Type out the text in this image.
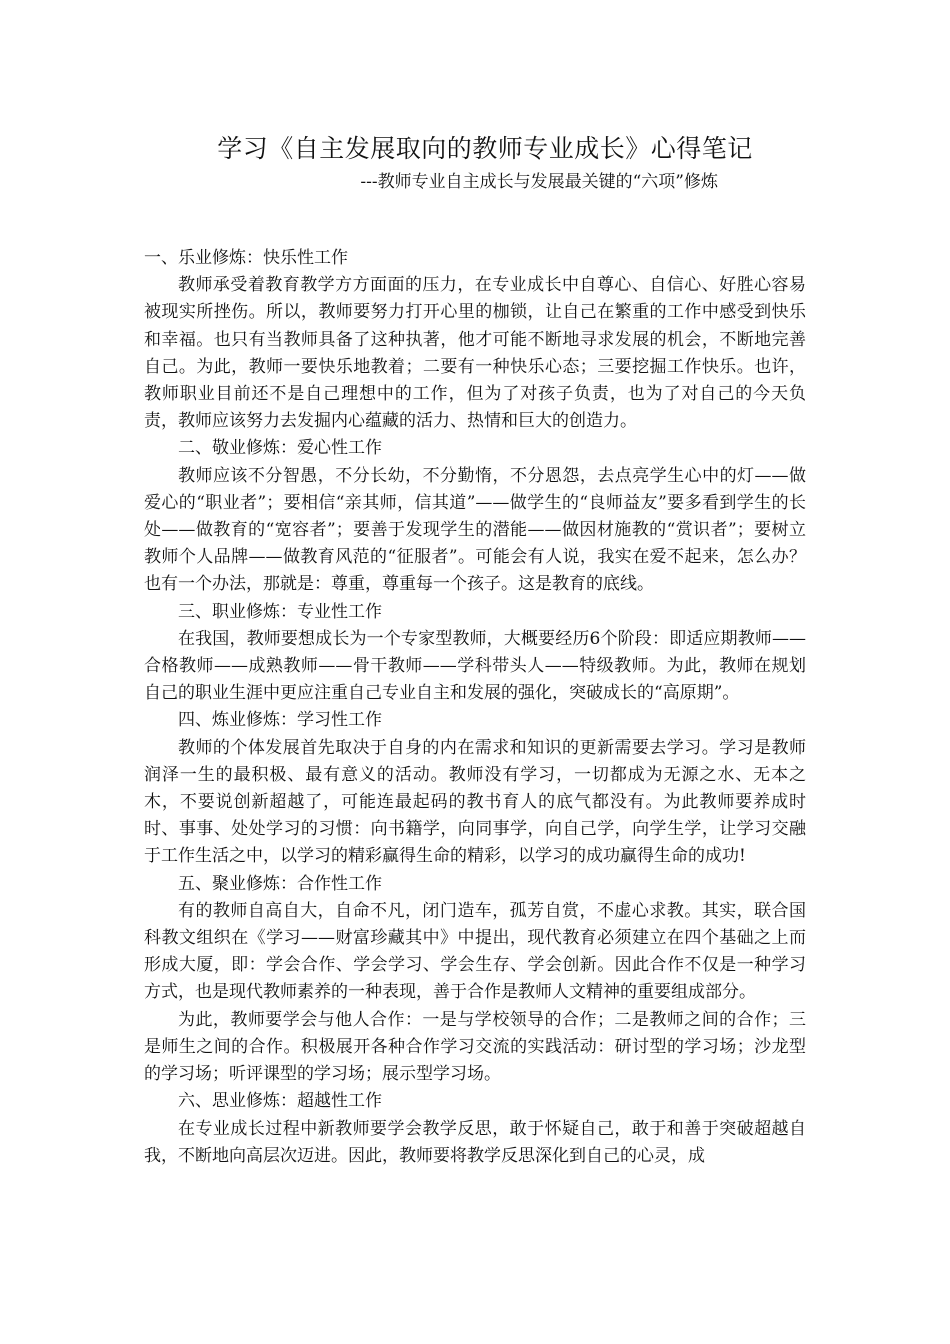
学习《自主发展取向的教师专业成长》心得笔记
---教师专业自主成长与发展最关键的“六项”修炼

一、乐业修炼：快乐性工作

教师承受着教育教学方方面面的压力，在专业成长中自尊心、自信心、好胜心容易被现实所挫伤。所以，教师要努力打开心里的枷锁，让自己在繁重的工作中感受到快乐和幸福。也只有当教师具备了这种执著，他才可能不断地寻求发展的机会，不断地完善自己。为此，教师一要快乐地教着；二要有一种快乐心态；三要挖掘工作快乐。也许，教师职业目前还不是自己理想中的工作，但为了对孩子负责，也为了对自己的今天负责，教师应该努力去发掘内心蕴藏的活力、热情和巨大的创造力。

二、敬业修炼：爱心性工作

教师应该不分智愚，不分长幼，不分勤惰，不分恩怨，去点亮学生心中的灯——做爱心的“职业者”；要相信“亲其师，信其道”——做学生的“良师益友”要多看到学生的长处——做教育的“宽容者”；要善于发现学生的潜能——做因材施教的“赏识者”；要树立教师个人品牌——做教育风范的“征服者”。可能会有人说，我实在爱不起来，怎么办？也有一个办法，那就是：尊重，尊重每一个孩子。这是教育的底线。

三、职业修炼：专业性工作

在我国，教师要想成长为一个专家型教师，大概要经历6个阶段：即适应期教师——合格教师——成熟教师——骨干教师——学科带头人——特级教师。为此，教师在规划自己的职业生涯中更应注重自己专业自主和发展的强化，突破成长的“高原期”。

四、炼业修炼：学习性工作

教师的个体发展首先取决于自身的内在需求和知识的更新需要去学习。学习是教师润泽一生的最积极、最有意义的活动。教师没有学习，一切都成为无源之水、无本之木，不要说创新超越了，可能连最起码的教书育人的底气都没有。为此教师要养成时时、事事、处处学习的习惯：向书籍学，向同事学，向自己学，向学生学，让学习交融于工作生活之中，以学习的精彩赢得生命的精彩，以学习的成功赢得生命的成功!

五、聚业修炼：合作性工作

有的教师自高自大，自命不凡，闭门造车，孤芳自赏，不虚心求教。其实，联合国科教文组织在《学习——财富珍藏其中》中提出，现代教育必须建立在四个基础之上而形成大厦，即：学会合作、学会学习、学会生存、学会创新。因此合作不仅是一种学习方式，也是现代教师素养的一种表现，善于合作是教师人文精神的重要组成部分。

为此，教师要学会与他人合作：一是与学校领导的合作；二是教师之间的合作；三是师生之间的合作。积极展开各种合作学习交流的实践活动：研讨型的学习场；沙龙型的学习场；听评课型的学习场；展示型学习场。

六、思业修炼：超越性工作

在专业成长过程中新教师要学会教学反思，敢于怀疑自己，敢于和善于突破超越自我，不断地向高层次迈进。因此，教师要将教学反思深化到自己的心灵，成
